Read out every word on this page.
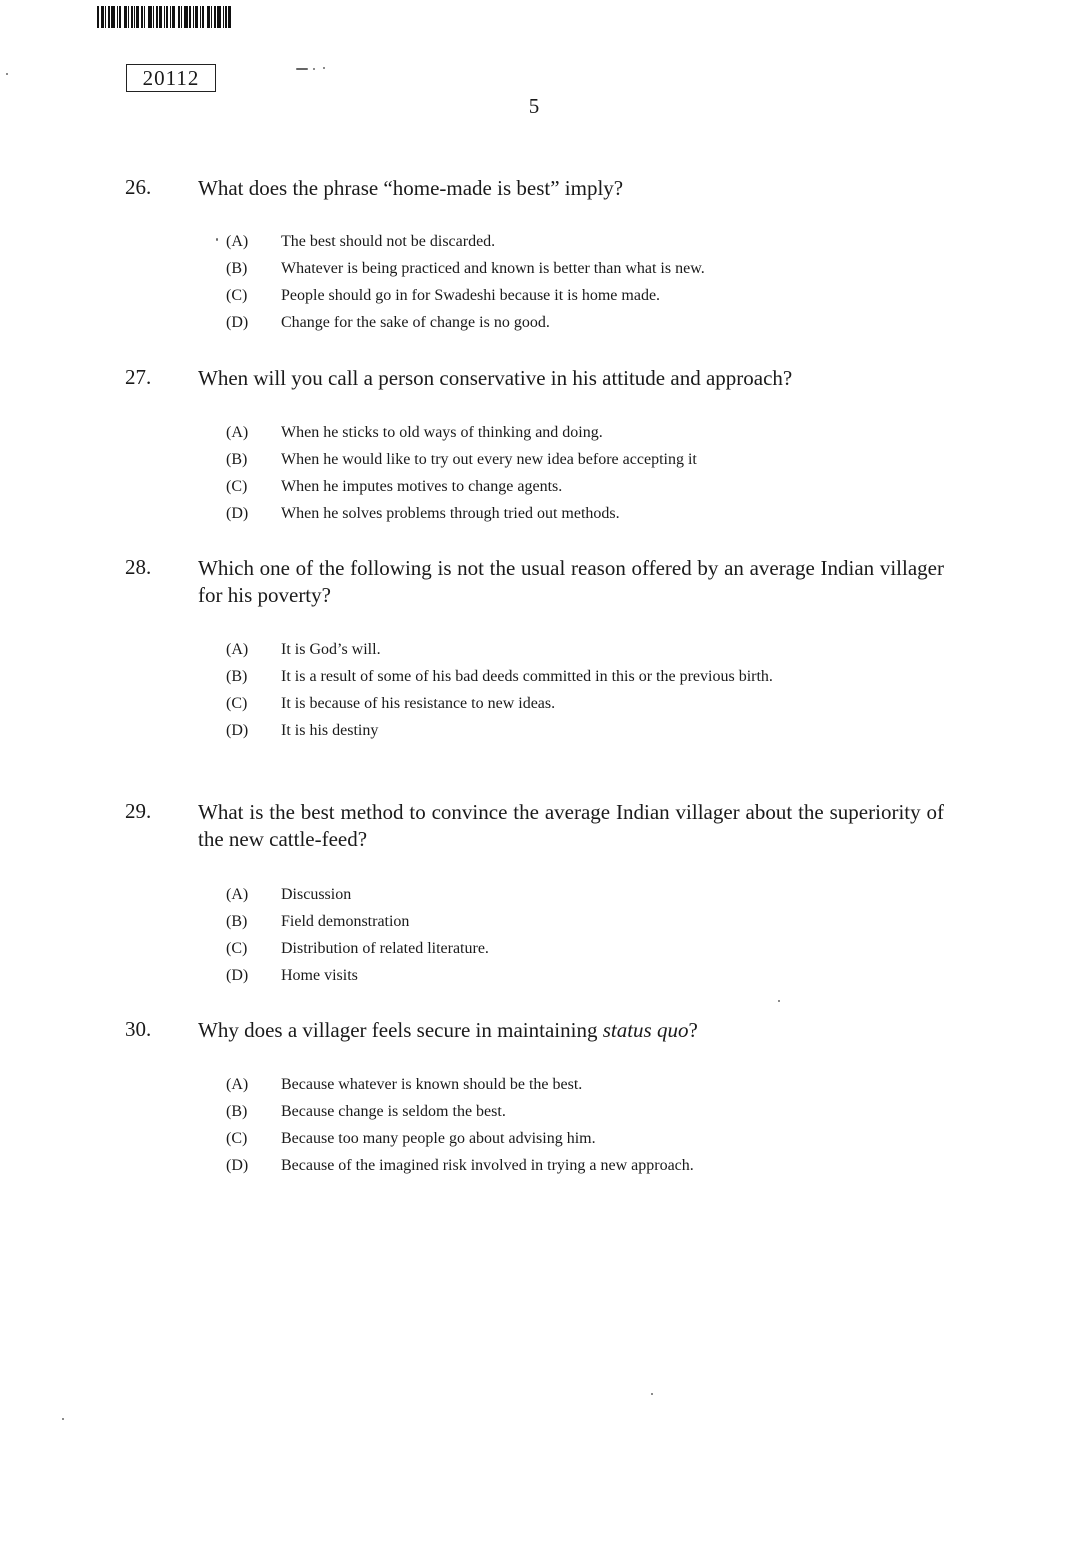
20112
5
26. What does the phrase “home-made is best” imply?
(A) The best should not be discarded.
(B) Whatever is being practiced and known is better than what is new.
(C) People should go in for Swadeshi because it is home made.
(D) Change for the sake of change is no good.
27. When will you call a person conservative in his attitude and approach?
(A) When he sticks to old ways of thinking and doing.
(B) When he would like to try out every new idea before accepting it
(C) When he imputes motives to change agents.
(D) When he solves problems through tried out methods.
28. Which one of the following is not the usual reason offered by an average Indian villager for his poverty?
(A) It is God’s will.
(B) It is a result of some of his bad deeds committed in this or the previous birth.
(C) It is because of his resistance to new ideas.
(D) It is his destiny
29. What is the best method to convince the average Indian villager about the superiority of the new cattle-feed?
(A) Discussion
(B) Field demonstration
(C) Distribution of related literature.
(D) Home visits
30. Why does a villager feels secure in maintaining status quo?
(A) Because whatever is known should be the best.
(B) Because change is seldom the best.
(C) Because too many people go about advising him.
(D) Because of the imagined risk involved in trying a new approach.
